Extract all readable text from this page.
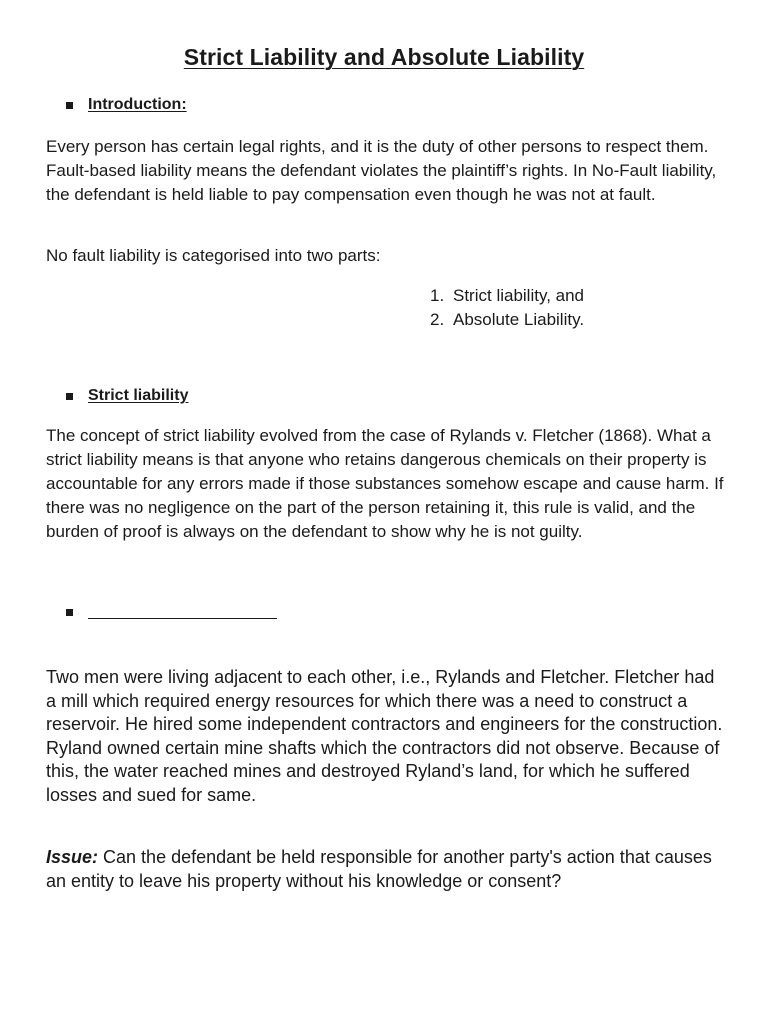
Strict Liability and Absolute Liability
Introduction:

Every person has certain legal rights, and it is the duty of other persons to respect them. Fault-based liability means the defendant violates the plaintiff’s rights. In No-Fault liability, the defendant is held liable to pay compensation even though he was not at fault.

No fault liability is categorised into two parts:

1. Strict liability, and
2. Absolute Liability.
Strict liability

The concept of strict liability evolved from the case of Rylands v. Fletcher (1868). What a strict liability means is that anyone who retains dangerous chemicals on their property is accountable for any errors made if those substances somehow escape and cause harm. If there was no negligence on the part of the person retaining it, this rule is valid, and the burden of proof is always on the defendant to show why he is not guilty.

Two men were living adjacent to each other, i.e., Rylands and Fletcher. Fletcher had a mill which required energy resources for which there was a need to construct a reservoir. He hired some independent contractors and engineers for the construction. Ryland owned certain mine shafts which the contractors did not observe. Because of this, the water reached mines and destroyed Ryland’s land, for which he suffered losses and sued for same.

Issue: Can the defendant be held responsible for another party's action that causes an entity to leave his property without his knowledge or consent?
